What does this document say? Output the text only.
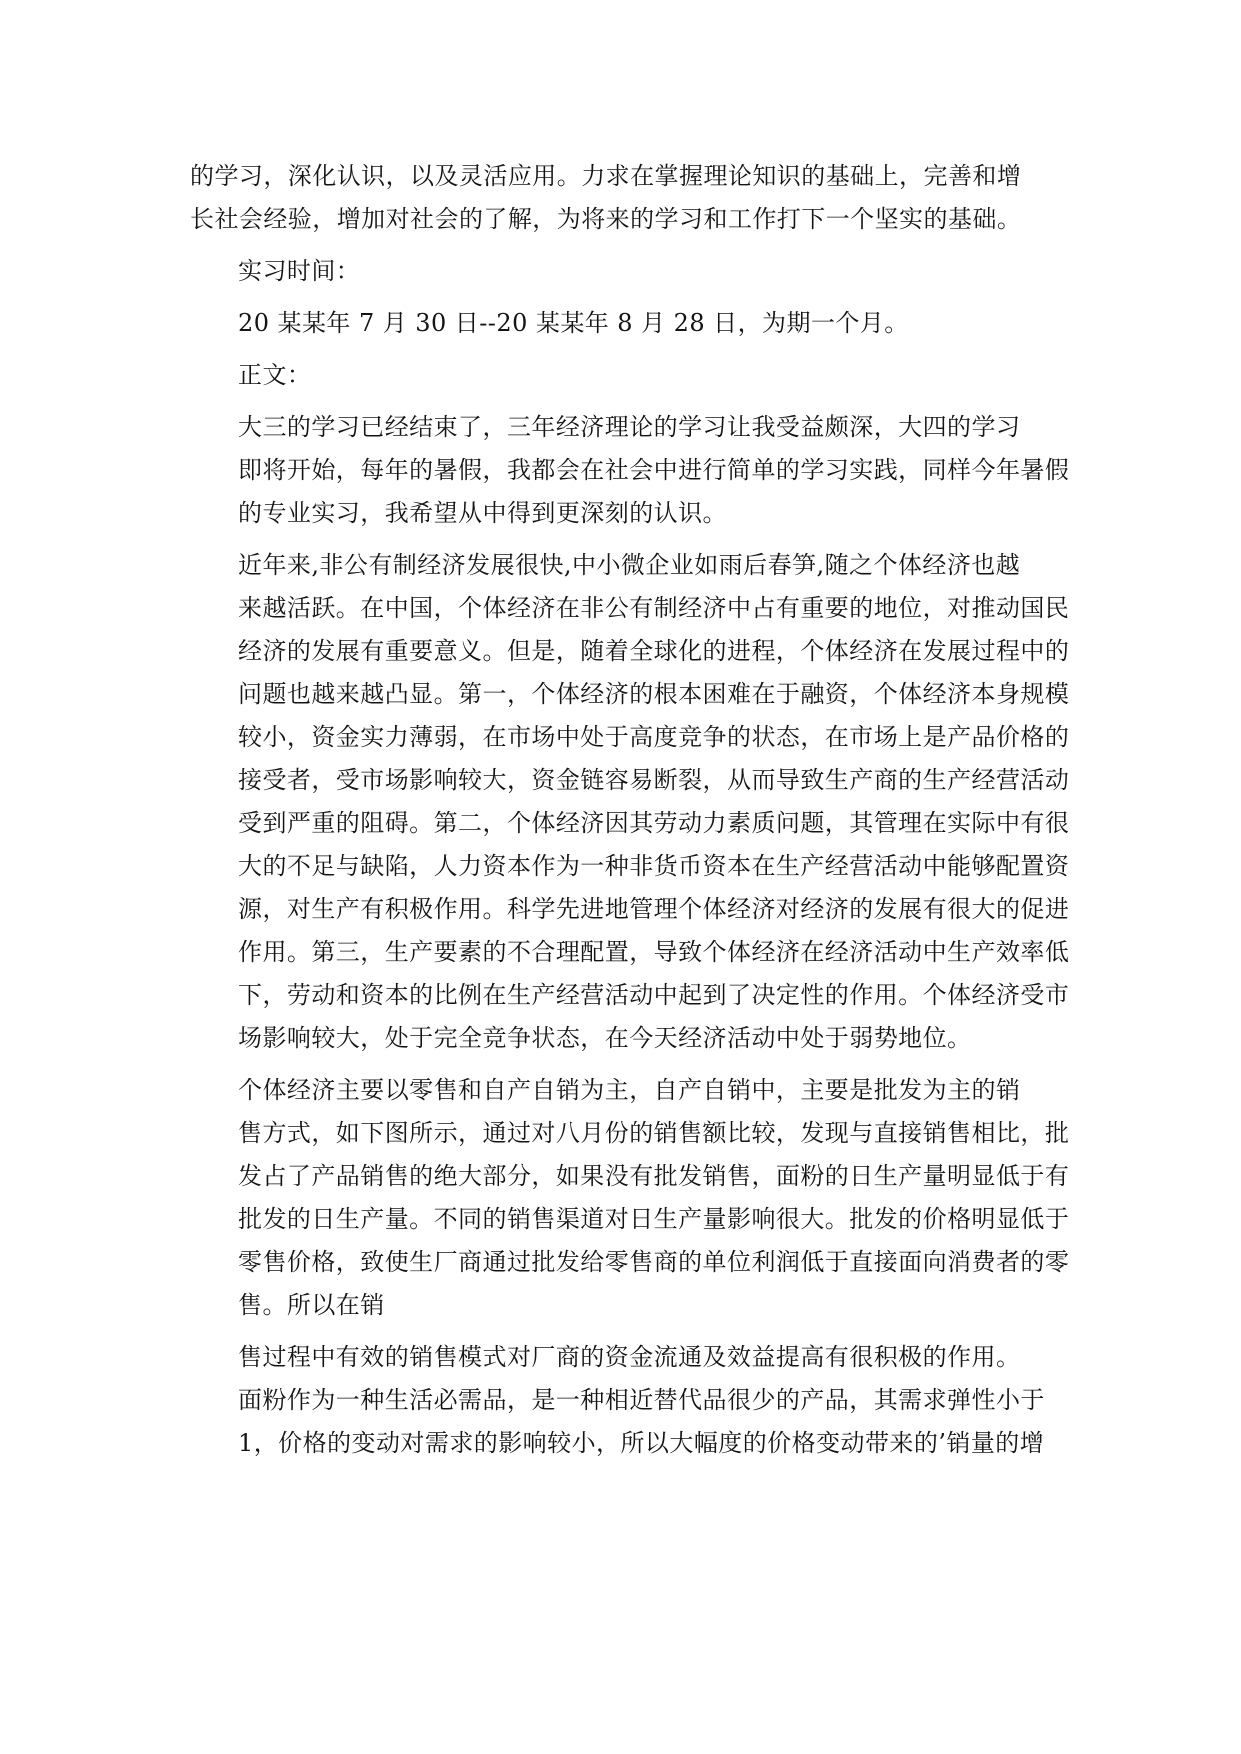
的学习，深化认识，以及灵活应用。力求在掌握理论知识的基础上，完善和增
长社会经验，增加对社会的了解，为将来的学习和工作打下一个坚实的基础。

实习时间：

20 某某年 7 月 30 日--20 某某年 8 月 28 日，为期一个月。

正文：

大三的学习已经结束了，三年经济理论的学习让我受益颇深，大四的学习
即将开始，每年的暑假，我都会在社会中进行简单的学习实践，同样今年暑假
的专业实习，我希望从中得到更深刻的认识。

近年来,非公有制经济发展很快,中小微企业如雨后春笋,随之个体经济也越
来越活跃。在中国，个体经济在非公有制经济中占有重要的地位，对推动国民
经济的发展有重要意义。但是，随着全球化的进程，个体经济在发展过程中的
问题也越来越凸显。第一，个体经济的根本困难在于融资，个体经济本身规模
较小，资金实力薄弱，在市场中处于高度竞争的状态，在市场上是产品价格的
接受者，受市场影响较大，资金链容易断裂，从而导致生产商的生产经营活动
受到严重的阻碍。第二，个体经济因其劳动力素质问题，其管理在实际中有很
大的不足与缺陷，人力资本作为一种非货币资本在生产经营活动中能够配置资
源，对生产有积极作用。科学先进地管理个体经济对经济的发展有很大的促进
作用。第三，生产要素的不合理配置，导致个体经济在经济活动中生产效率低
下，劳动和资本的比例在生产经营活动中起到了决定性的作用。个体经济受市
场影响较大，处于完全竞争状态，在今天经济活动中处于弱势地位。

个体经济主要以零售和自产自销为主，自产自销中，主要是批发为主的销
售方式，如下图所示，通过对八月份的销售额比较，发现与直接销售相比，批
发占了产品销售的绝大部分，如果没有批发销售，面粉的日生产量明显低于有
批发的日生产量。不同的销售渠道对日生产量影响很大。批发的价格明显低于
零售价格，致使生厂商通过批发给零售商的单位利润低于直接面向消费者的零
售。所以在销

售过程中有效的销售模式对厂商的资金流通及效益提高有很积极的作用。
面粉作为一种生活必需品，是一种相近替代品很少的产品，其需求弹性小于
1，价格的变动对需求的影响较小，所以大幅度的价格变动带来的’销量的增
